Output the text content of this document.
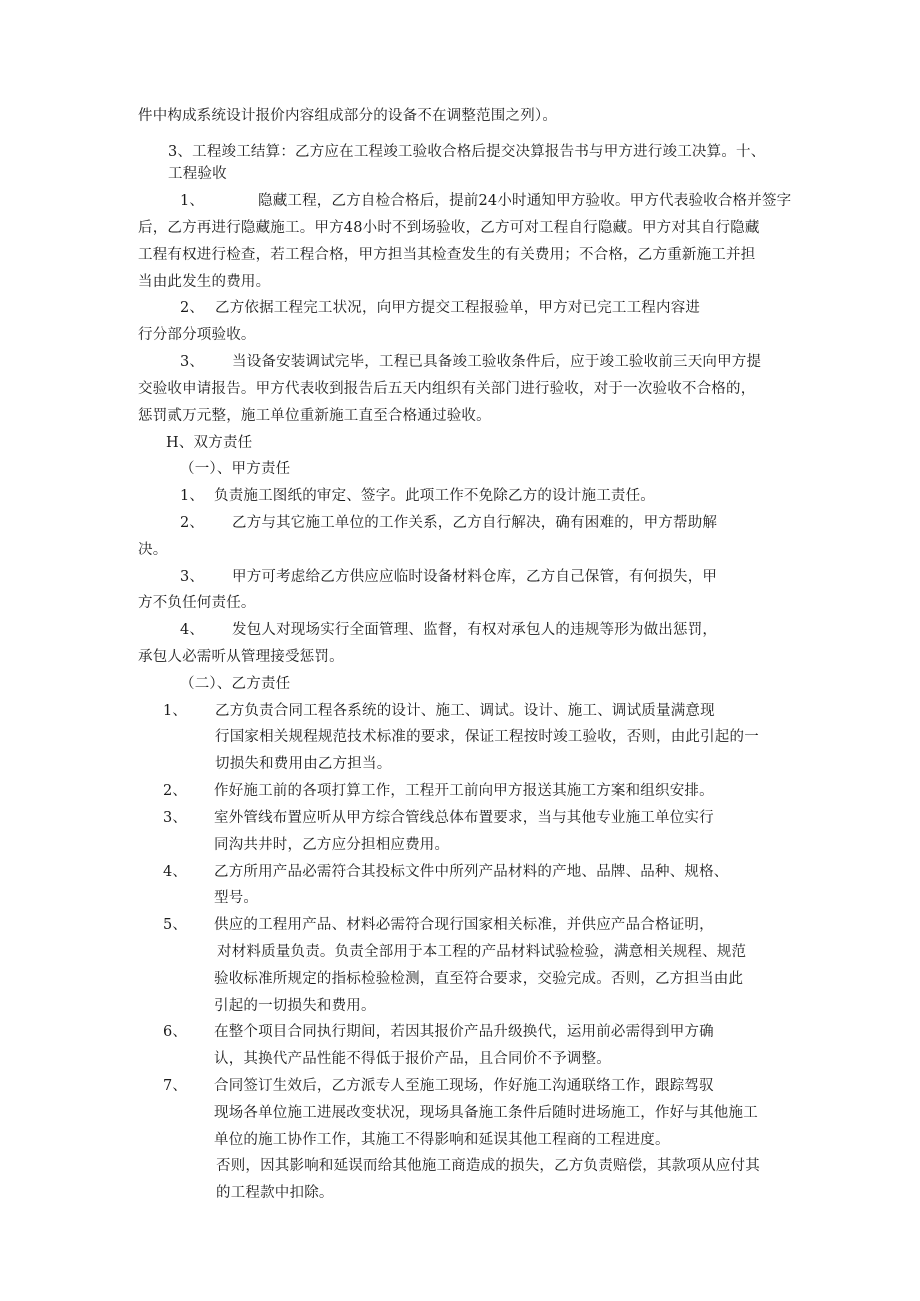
件中构成系统设计报价内容组成部分的设备不在调整范围之列）。
3、工程竣工结算：乙方应在工程竣工验收合格后提交决算报告书与甲方进行竣工决算。十、
工程验收
1、	隐藏工程，乙方自检合格后，提前24小时通知甲方验收。甲方代表验收合格并签字
后，乙方再进行隐藏施工。甲方48小时不到场验收，乙方可对工程自行隐藏。甲方对其自行隐藏
工程有权进行检查，若工程合格，甲方担当其检查发生的有关费用；不合格，乙方重新施工并担
当由此发生的费用。
2、 乙方依据工程完工状况，向甲方提交工程报验单，甲方对已完工工程内容进
行分部分项验收。
3、 当设备安装调试完毕，工程已具备竣工验收条件后，应于竣工验收前三天向甲方提
交验收申请报告。甲方代表收到报告后五天内组织有关部门进行验收，对于一次验收不合格的，
惩罚贰万元整，施工单位重新施工直至合格通过验收。
H、双方责任
（一）、甲方责任
1、 负责施工图纸的审定、签字。此项工作不免除乙方的设计施工责任。
2、 乙方与其它施工单位的工作关系，乙方自行解决，确有困难的，甲方帮助解
决。
3、 甲方可考虑给乙方供应应临时设备材料仓库，乙方自己保管，有何损失，甲
方不负任何责任。
4、 发包人对现场实行全面管理、监督，有权对承包人的违规等形为做出惩罚，
承包人必需听从管理接受惩罚。
（二）、乙方责任
1、 乙方负责合同工程各系统的设计、施工、调试。设计、施工、调试质量满意现
行国家相关规程规范技术标准的要求，保证工程按时竣工验收，否则，由此引起的一
切损失和费用由乙方担当。
2、 作好施工前的各项打算工作，工程开工前向甲方报送其施工方案和组织安排。
3、 室外管线布置应听从甲方综合管线总体布置要求，当与其他专业施工单位实行
同沟共井时，乙方应分担相应费用。
4、 乙方所用产品必需符合其投标文件中所列产品材料的产地、品牌、品种、规格、
型号。
5、 供应的工程用产品、材料必需符合现行国家相关标准，并供应产品合格证明，
对材料质量负责。负责全部用于本工程的产品材料试验检验，满意相关规程、规范
验收标准所规定的指标检验检测，直至符合要求，交验完成。否则，乙方担当由此
引起的一切损失和费用。
6、 在整个项目合同执行期间，若因其报价产品升级换代，运用前必需得到甲方确
认，其换代产品性能不得低于报价产品，且合同价不予调整。
7、 合同签订生效后，乙方派专人至施工现场，作好施工沟通联络工作，跟踪驾驭
现场各单位施工进展改变状况，现场具备施工条件后随时进场施工，作好与其他施工
单位的施工协作工作，其施工不得影响和延误其他工程商的工程进度。
否则，因其影响和延误而给其他施工商造成的损失，乙方负责赔偿，其款项从应付其
的工程款中扣除。
